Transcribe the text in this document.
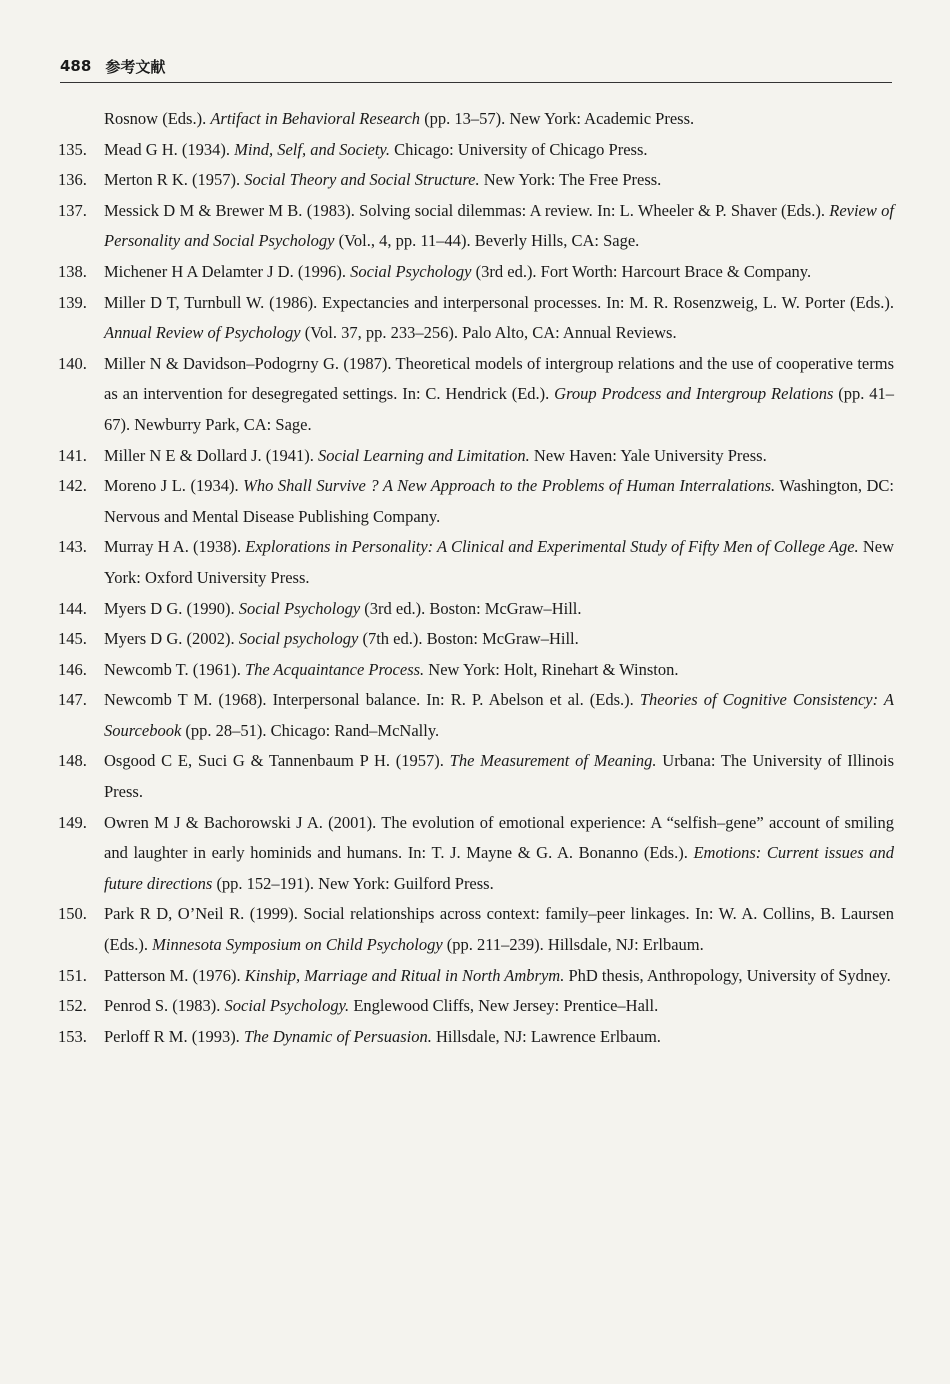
488 参考文献
Rosnow (Eds.). Artifact in Behavioral Research (pp. 13–57). New York: Academic Press.
135.	Mead G H. (1934). Mind, Self, and Society. Chicago: University of Chicago Press.
136.	Merton R K. (1957). Social Theory and Social Structure. New York: The Free Press.
137.	Messick D M & Brewer M B. (1983). Solving social dilemmas: A review. In: L. Wheeler & P. Shaver (Eds.). Review of Personality and Social Psychology (Vol., 4, pp. 11–44). Beverly Hills, CA: Sage.
138.	Michener H A Delamter J D. (1996). Social Psychology (3rd ed.). Fort Worth: Harcourt Brace & Company.
139.	Miller D T, Turnbull W. (1986). Expectancies and interpersonal processes. In: M. R. Rosenzweig, L. W. Porter (Eds.). Annual Review of Psychology (Vol. 37, pp. 233–256). Palo Alto, CA: Annual Reviews.
140.	Miller N & Davidson–Podogrny G. (1987). Theoretical models of intergroup relations and the use of cooperative terms as an intervention for desegregated settings. In: C. Hendrick (Ed.). Group Prodcess and Intergroup Relations (pp. 41–67). Newburry Park, CA: Sage.
141.	Miller N E & Dollard J. (1941). Social Learning and Limitation. New Haven: Yale University Press.
142.	Moreno J L. (1934). Who Shall Survive ? A New Approach to the Problems of Human Interralations. Washington, DC: Nervous and Mental Disease Publishing Company.
143.	Murray H A. (1938). Explorations in Personality: A Clinical and Experimental Study of Fifty Men of College Age. New York: Oxford University Press.
144.	Myers D G. (1990). Social Psychology (3rd ed.). Boston: McGraw–Hill.
145.	Myers D G. (2002). Social psychology (7th ed.). Boston: McGraw–Hill.
146.	Newcomb T. (1961). The Acquaintance Process. New York: Holt, Rinehart & Winston.
147.	Newcomb T M. (1968). Interpersonal balance. In: R. P. Abelson et al. (Eds.). Theories of Cognitive Consistency: A Sourcebook (pp. 28–51). Chicago: Rand–McNally.
148.	Osgood C E, Suci G & Tannenbaum P H. (1957). The Measurement of Meaning. Urbana: The University of Illinois Press.
149.	Owren M J & Bachorowski J A. (2001). The evolution of emotional experience: A “selfish–gene” account of smiling and laughter in early hominids and humans. In: T. J. Mayne & G. A. Bonanno (Eds.). Emotions: Current issues and future directions (pp. 152–191). New York: Guilford Press.
150.	Park R D, O’Neil R. (1999). Social relationships across context: family–peer linkages. In: W. A. Collins, B. Laursen (Eds.). Minnesota Symposium on Child Psychology (pp. 211–239). Hillsdale, NJ: Erlbaum.
151.	Patterson M. (1976). Kinship, Marriage and Ritual in North Ambrym. PhD thesis, Anthropology, University of Sydney.
152.	Penrod S. (1983). Social Psychology. Englewood Cliffs, New Jersey: Prentice–Hall.
153.	Perloff R M. (1993). The Dynamic of Persuasion. Hillsdale, NJ: Lawrence Erlbaum.
